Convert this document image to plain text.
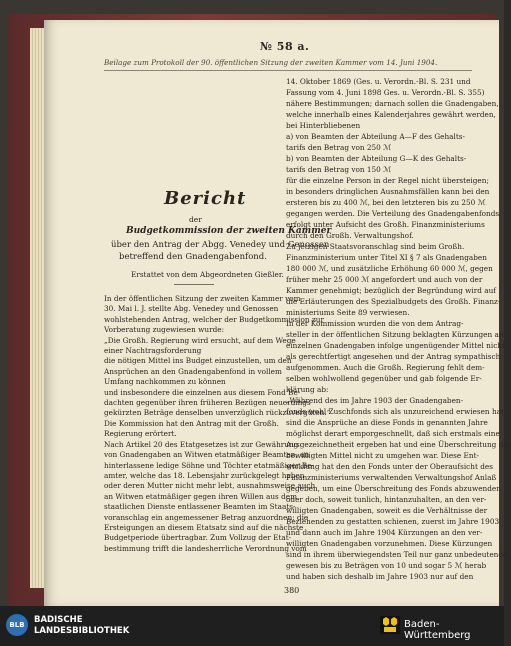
№ 58 a.
Beilage zum Protokoll der 90. öffentlichen Sitzung der zweiten Kammer vom 14. Juni 1904.
Bericht
der
Budgetkommission der zweiten Kammer
über den Antrag der Abgg. Venedey und Genossen
betreffend den Gnadengabenfond.
Erstattet von dem Abgeordneten Gießler.
In der öffentlichen Sitzung der zweiten Kammer vom
30. Mai l. J. stellte Abg. Venedey und Genossen
wohlstehenden Antrag, welcher der Budgetkommission zur
Vorberatung zugewiesen wurde:
„Die Großh. Regierung wird ersucht, auf dem Wege
einer Nachtragsforderung
die nötigen Mittel ins Budget einzustellen, um den
Ansprüchen an den Gnadengabenfond in vollem
Umfang nachkommen zu können
und insbesondere die einzelnen aus diesem Fond Be-
dachten gegenüber ihren früheren Bezügen neuerdings
gekürzten Beträge denselben unverzüglich rückzuvergüten.“
Die Kommission hat den Antrag mit der Großh.
Regierung erörtert.
Nach Artikel 20 des Etatgesetzes ist zur Gewährung
von Gnadengaben an Witwen etatmäßiger Beamten, an
hinterlassene ledige Söhne und Töchter etatmäßiger Be-
amter, welche das 18. Lebensjahr zurückgelegt haben
oder deren Mutter nicht mehr lebt, ausnahmsweise auch
an Witwen etatmäßiger gegen ihren Willen aus dem
staatlichen Dienste entlassener Beamten im Staats-
voranschlag ein angemessener Betrag anzuordnen; die
Ersteigungen an diesem Etatsatz sind auf die nächste
Budgetperiode übertragbar. Zum Vollzug der Etat-
bestimmung trifft die landesherrliche Verordnung vom
14. Oktober 1869 (Ges. u. Verordn.-Bl. S. 231 und
Fassung vom 4. Juni 1898 Ges. u. Verordn.-Bl. S. 355)
nähere Bestimmungen; darnach sollen die Gnadengaben,
welche innerhalb eines Kalenderjahres gewährt werden,
bei Hinterbliebenen
a) von Beamten der Abteilung A—F des Gehalts-
tarifs den Betrag von 250 ℳ
b) von Beamten der Abteilung G—K des Gehalts-
tarifs den Betrag von 150 ℳ
für die einzelne Person in der Regel nicht übersteigen;
in besonders dringlichen Ausnahmsfällen kann bei den
ersteren bis zu 400 ℳ, bei den letzteren bis zu 250 ℳ
gegangen werden. Die Verteilung des Gnadengabenfonds
erfolgt unter Aufsicht des Großh. Finanzministeriums
durch den Großh. Verwaltungshof.
Zu jetzigen Staatsvoranschlag sind beim Großh.
Finanzministerium unter Titel XI § 7 als Gnadengaben
180 000 ℳ, und zusätzliche Erhöhung 60 000 ℳ, gegen
früher mehr 25 000 ℳ angefordert und auch von der
Kammer genehmigt; bezüglich der Begründung wird auf
die Erläuterungen des Spezialbudgets des Großh. Finanz-
ministeriums Seite 89 verwiesen.
In der Kommission wurden die von dem Antrag-
steller in der öffentlichen Sitzung beklagten Kürzungen an
einzelnen Gnadengaben infolge ungenügender Mittel nicht
als gerechtfertigt angesehen und der Antrag sympathisch
aufgenommen. Auch die Großh. Regierung fehlt dem-
selben wohlwollend gegenüber und gab folgende Er-
klärung ab:
„Während des im Jahre 1903 der Gnadengaben-
fonds wohl Zuschfonds sich als unzureichend erwiesen hat,
sind die Ansprüche an diese Fonds in genannten Jahre
möglichst derart emporgeschnellt, daß sich erstmals eine
Ausgezeichnetheit ergeben hat und eine Überschreitung der
bewilligten Mittel nicht zu umgehen war. Diese Ent-
wicklung hat den den Fonds unter der Oberaufsicht des
Finanzministeriums verwaltenden Verwaltungshof Anlaß
gegeben, um eine Überschreitung des Fonds abzuwenden
oder doch, soweit tunlich, hintanzuhalten, an den ver-
willigten Gnadengaben, soweit es die Verhältnisse der
Beziehenden zu gestatten schienen, zuerst im Jahre 1903
und dann auch im Jahre 1904 Kürzungen an den ver-
willigten Gnadengaben vorzunehmen. Diese Kürzungen
sind in ihrem überwiegendsten Teil nur ganz unbedeutende
gewesen bis zu Beträgen von 10 und sogar 5 ℳ herab
und haben sich deshalb im Jahre 1903 nur auf den
380
BLB	BADISCHE
LANDESBIBLIOTHEK
Baden-Württemberg
